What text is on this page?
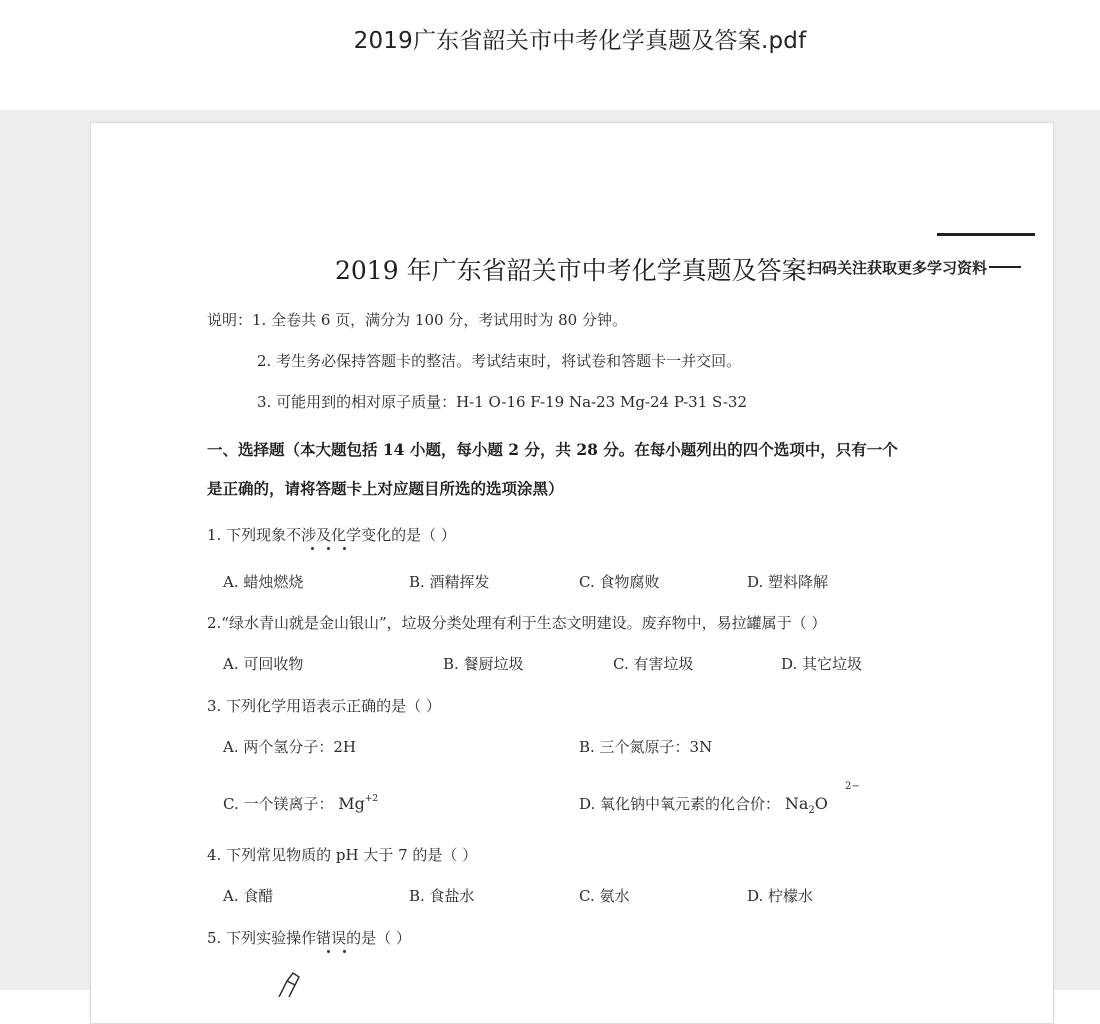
2019广东省韶关市中考化学真题及答案.pdf
2019 年广东省韶关市中考化学真题及答案 扫码关注获取更多学习资料
说明：1. 全卷共 6 页，满分为 100 分，考试用时为 80 分钟。
2. 考生务必保持答题卡的整洁。考试结束时，将试卷和答题卡一并交回。
3. 可能用到的相对原子质量：H-1 O-16 F-19 Na-23 Mg-24 P-31 S-32
一、选择题（本大题包括 14 小题，每小题 2 分，共 28 分。在每小题列出的四个选项中，只有一个
是正确的，请将答题卡上对应题目所选的选项涂黑）
1. 下列现象不涉及化学变化的是（ ）
A. 蜡烛燃烧	B. 酒精挥发	C. 食物腐败	D. 塑料降解
2.“绿水青山就是金山银山”，垃圾分类处理有利于生态文明建设。废弃物中，易拉罐属于（ ）
A. 可回收物	B. 餐厨垃圾	C. 有害垃圾	D. 其它垃圾
3. 下列化学用语表示正确的是（ ）
A. 两个氢分子：2H	B. 三个氮原子：3N
C. 一个镁离子： $Mg^{+2}$	D. 氧化钠中氧元素的化合价： $Na_2O$
2−
4. 下列常见物质的 pH 大于 7 的是（ ）
A. 食醋	B. 食盐水	C. 氨水	D. 柠檬水
5. 下列实验操作错误的是（ ）
